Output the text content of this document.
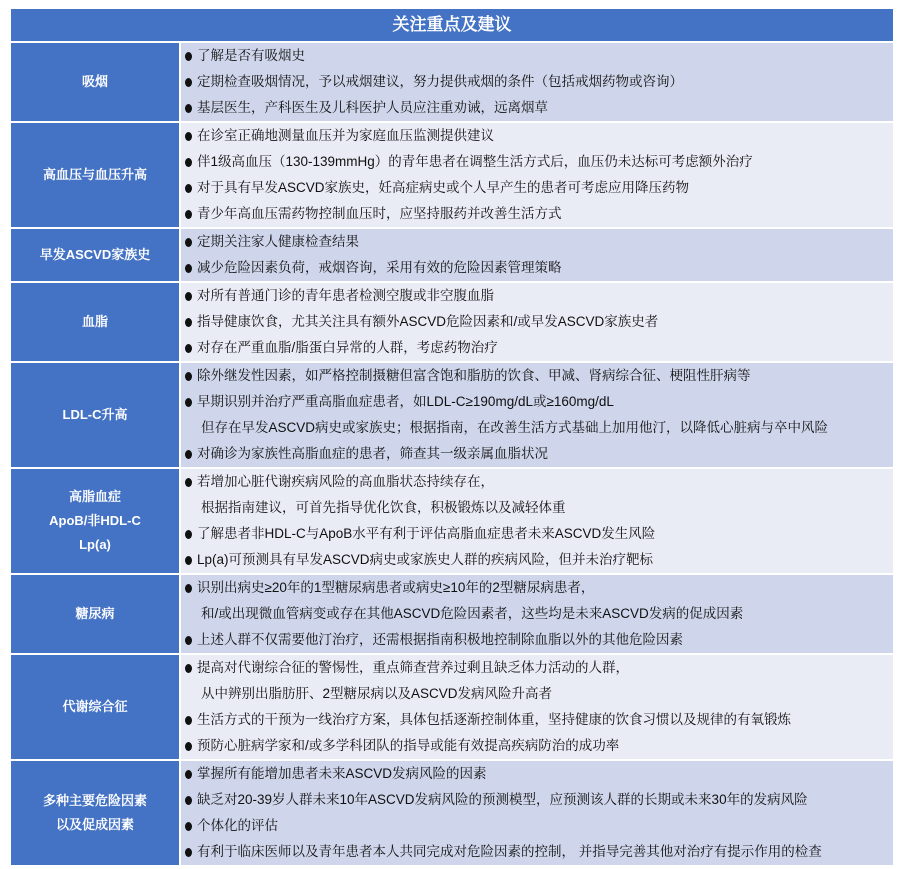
关注重点及建议
吸烟
了解是否有吸烟史
定期检查吸烟情况，予以戒烟建议，努力提供戒烟的条件（包括戒烟药物或咨询）
基层医生，产科医生及儿科医护人员应注重劝诫，远离烟草
高血压与血压升高
在诊室正确地测量血压并为家庭血压监测提供建议
伴1级高血压（130-139mmHg）的青年患者在调整生活方式后，血压仍未达标可考虑额外治疗
对于具有早发ASCVD家族史，妊高症病史或个人早产生的患者可考虑应用降压药物
青少年高血压需药物控制血压时，应坚持服药并改善生活方式
早发ASCVD家族史
定期关注家人健康检查结果
减少危险因素负荷，戒烟咨询，采用有效的危险因素管理策略
血脂
对所有普通门诊的青年患者检测空腹或非空腹血脂
指导健康饮食，尤其关注具有额外ASCVD危险因素和/或早发ASCVD家族史者
对存在严重血脂/脂蛋白异常的人群，考虑药物治疗
LDL-C升高
除外继发性因素，如严格控制摄糖但富含饱和脂肪的饮食、甲减、肾病综合征、梗阻性肝病等
早期识别并治疗严重高脂血症患者，如LDL-C≥190mg/dL或≥160mg/dL
但存在早发ASCVD病史或家族史；根据指南，在改善生活方式基础上加用他汀，以降低心脏病与卒中风险
对确诊为家族性高脂血症的患者，筛查其一级亲属血脂状况
高脂血症
ApoB/非HDL-C
Lp(a)
若增加心脏代谢疾病风险的高血脂状态持续存在，
根据指南建议，可首先指导优化饮食，积极锻炼以及减轻体重
了解患者非HDL-C与ApoB水平有利于评估高脂血症患者未来ASCVD发生风险
Lp(a)可预测具有早发ASCVD病史或家族史人群的疾病风险，但并未治疗靶标
糖尿病
识别出病史≥20年的1型糖尿病患者或病史≥10年的2型糖尿病患者，
和/或出现微血管病变或存在其他ASCVD危险因素者，这些均是未来ASCVD发病的促成因素
上述人群不仅需要他汀治疗，还需根据指南积极地控制除血脂以外的其他危险因素
代谢综合征
提高对代谢综合征的警惕性，重点筛查营养过剩且缺乏体力活动的人群，
从中辨别出脂肪肝、2型糖尿病以及ASCVD发病风险升高者
生活方式的干预为一线治疗方案，具体包括逐渐控制体重，坚持健康的饮食习惯以及规律的有氧锻炼
预防心脏病学家和/或多学科团队的指导或能有效提高疾病防治的成功率
多种主要危险因素
以及促成因素
掌握所有能增加患者未来ASCVD发病风险的因素
缺乏对20-39岁人群未来10年ASCVD发病风险的预测模型，应预测该人群的长期或未来30年的发病风险
个体化的评估
有利于临床医师以及青年患者本人共同完成对危险因素的控制， 并指导完善其他对治疗有提示作用的检查
